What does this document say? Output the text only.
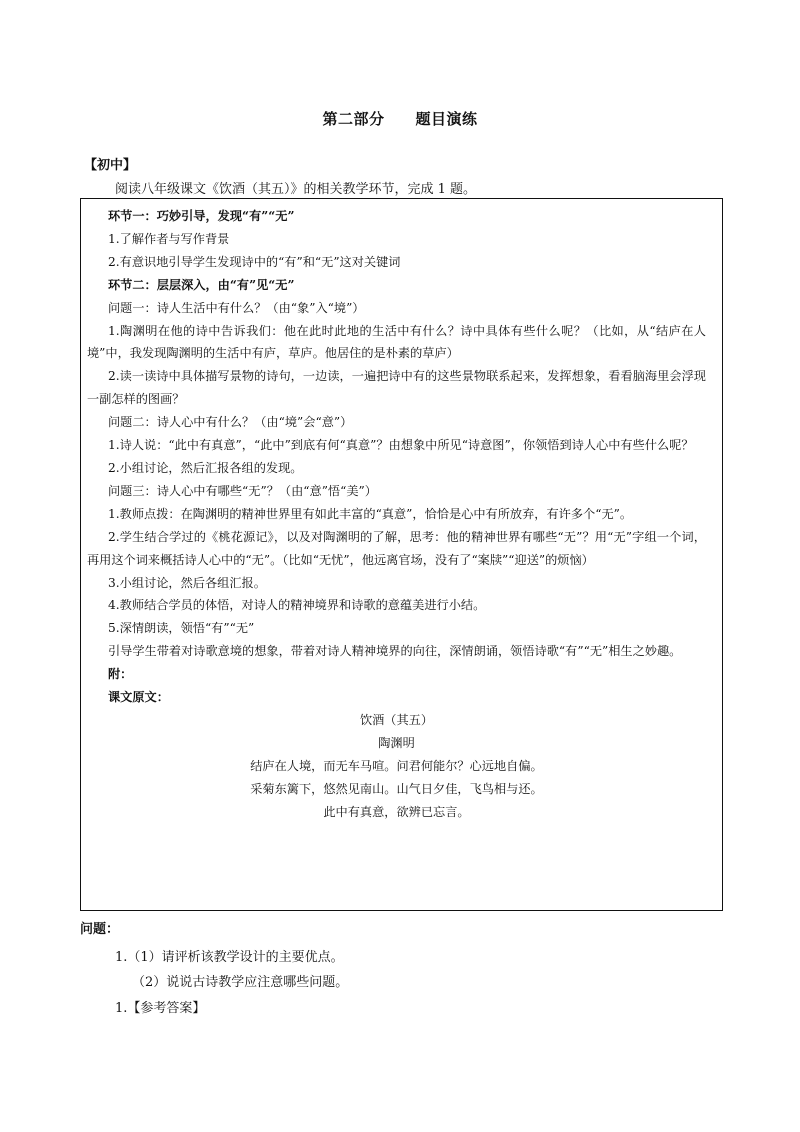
第二部分　　题目演练
【初中】
阅读八年级课文《饮酒（其五）》的相关教学环节，完成 1 题。

环节一：巧妙引导，发现“有”“无”

1.了解作者与写作背景

2.有意识地引导学生发现诗中的“有”和“无”这对关键词

环节二：层层深入，由“有”见“无”

问题一：诗人生活中有什么？（由“象”入“境”）

1.陶渊明在他的诗中告诉我们：他在此时此地的生活中有什么？诗中具体有些什么呢？（比如，从“结庐在人境”中，我发现陶渊明的生活中有庐，草庐。他居住的是朴素的草庐）

2.读一读诗中具体描写景物的诗句，一边读，一遍把诗中有的这些景物联系起来，发挥想象，看看脑海里会浮现一副怎样的图画？

问题二：诗人心中有什么？（由“境”会“意”）

1.诗人说：“此中有真意”，“此中”到底有何“真意”？由想象中所见“诗意图”，你领悟到诗人心中有些什么呢？

2.小组讨论，然后汇报各组的发现。

问题三：诗人心中有哪些“无”？（由“意”悟“美”）

1.教师点拨：在陶渊明的精神世界里有如此丰富的“真意”，恰恰是心中有所放弃，有许多个“无”。

2.学生结合学过的《桃花源记》，以及对陶渊明的了解，思考：他的精神世界有哪些“无”？用“无”字组一个词，再用这个词来概括诗人心中的“无”。（比如“无忧”，他远离官场，没有了“案牍”“迎送”的烦恼）

3.小组讨论，然后各组汇报。

4.教师结合学员的体悟，对诗人的精神境界和诗歌的意蕴美进行小结。

5.深情朗读，领悟“有”“无”

引导学生带着对诗歌意境的想象，带着对诗人精神境界的向往，深情朗诵，领悟诗歌“有”“无”相生之妙趣。

附：

课文原文：

饮酒（其五）

陶渊明

结庐在人境，而无车马喧。问君何能尔？心远地自偏。

采菊东篱下，悠然见南山。山气日夕佳，飞鸟相与还。

此中有真意，欲辨已忘言。

问题：
1.（1）请评析该教学设计的主要优点。
（2）说说古诗教学应注意哪些问题。
1.【参考答案】
